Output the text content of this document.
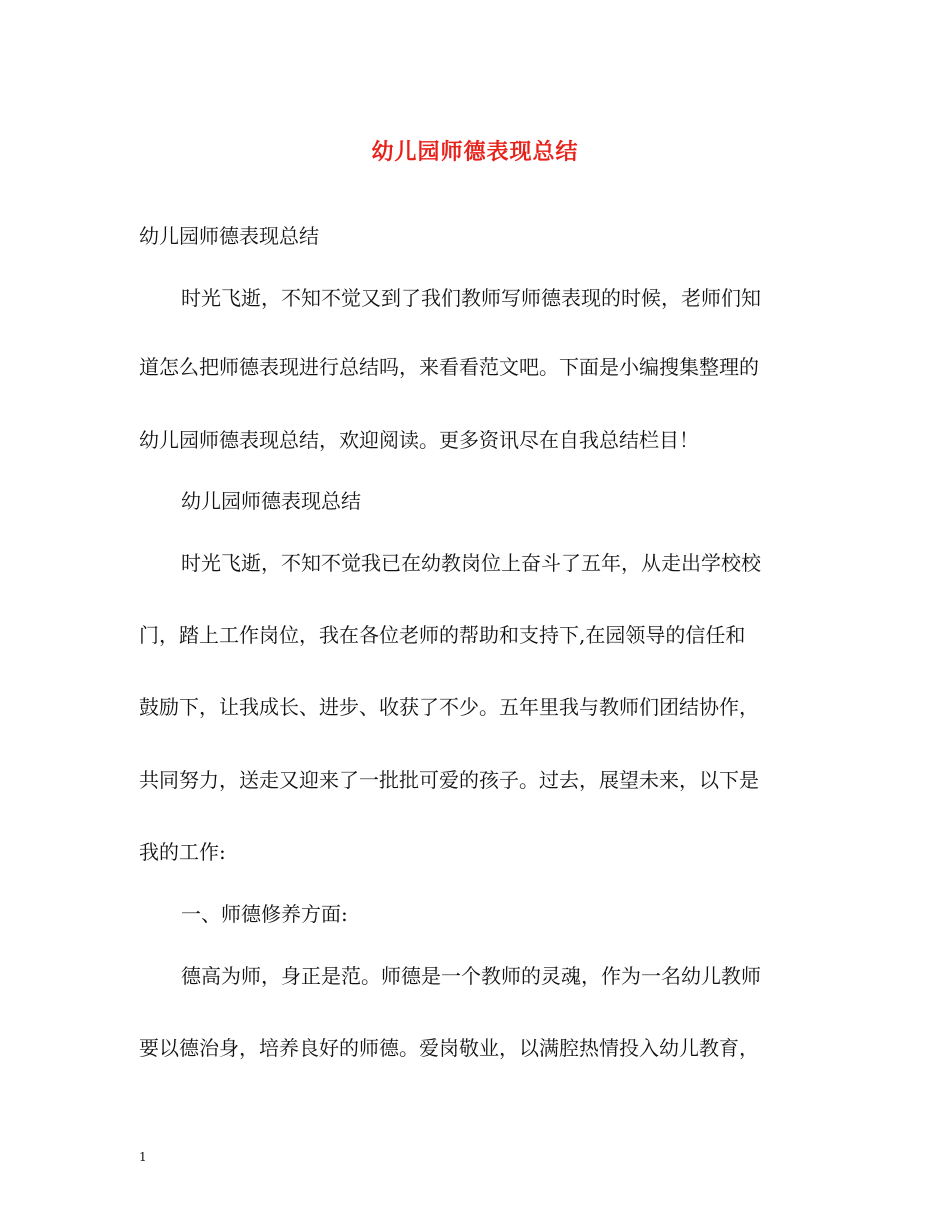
幼儿园师德表现总结
幼儿园师德表现总结
时光飞逝，不知不觉又到了我们教师写师德表现的时候，老师们知
道怎么把师德表现进行总结吗，来看看范文吧。下面是小编搜集整理的
幼儿园师德表现总结，欢迎阅读。更多资讯尽在自我总结栏目！
幼儿园师德表现总结
时光飞逝，不知不觉我已在幼教岗位上奋斗了五年，从走出学校校
门，踏上工作岗位，我在各位老师的帮助和支持下,在园领导的信任和
鼓励下，让我成长、进步、收获了不少。五年里我与教师们团结协作，
共同努力，送走又迎来了一批批可爱的孩子。过去，展望未来，以下是
我的工作:
一、师德修养方面:
德高为师，身正是范。师德是一个教师的灵魂，作为一名幼儿教师
要以德治身，培养良好的师德。爱岗敬业，以满腔热情投入幼儿教育，
1
